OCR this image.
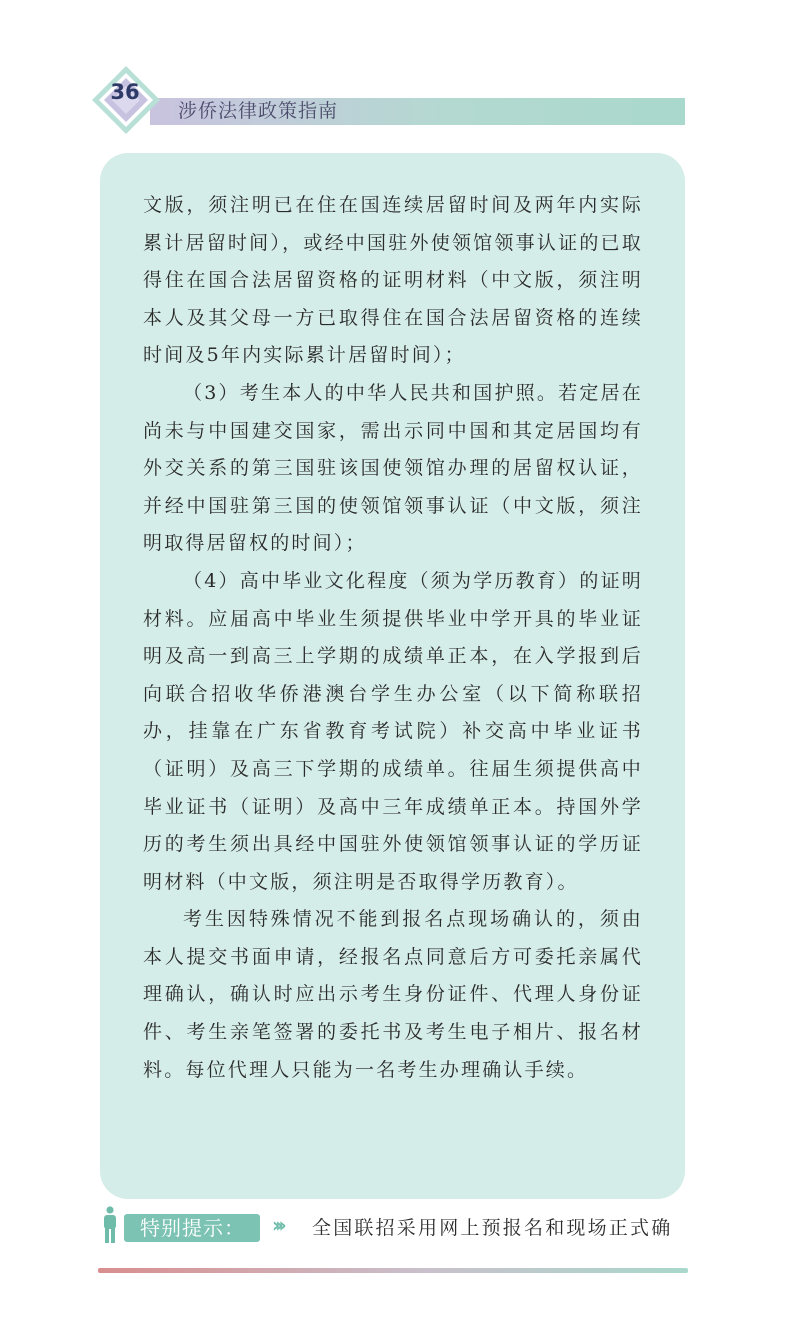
36
涉侨法律政策指南

文版，须注明已在住在国连续居留时间及两年内实际累计居留时间），或经中国驻外使领馆领事认证的已取得住在国合法居留资格的证明材料（中文版，须注明本人及其父母一方已取得住在国合法居留资格的连续时间及5年内实际累计居留时间）；

（3）考生本人的中华人民共和国护照。若定居在尚未与中国建交国家，需出示同中国和其定居国均有外交关系的第三国驻该国使领馆办理的居留权认证，并经中国驻第三国的使领馆领事认证（中文版，须注明取得居留权的时间）；

（4）高中毕业文化程度（须为学历教育）的证明材料。应届高中毕业生须提供毕业中学开具的毕业证明及高一到高三上学期的成绩单正本，在入学报到后向联合招收华侨港澳台学生办公室（以下简称联招办，挂靠在广东省教育考试院）补交高中毕业证书（证明）及高三下学期的成绩单。往届生须提供高中毕业证书（证明）及高中三年成绩单正本。持国外学历的考生须出具经中国驻外使领馆领事认证的学历证明材料（中文版，须注明是否取得学历教育）。

考生因特殊情况不能到报名点现场确认的，须由本人提交书面申请，经报名点同意后方可委托亲属代理确认，确认时应出示考生身份证件、代理人身份证件、考生亲笔签署的委托书及考生电子相片、报名材料。每位代理人只能为一名考生办理确认手续。

特别提示： ››› 全国联招采用网上预报名和现场正式确
